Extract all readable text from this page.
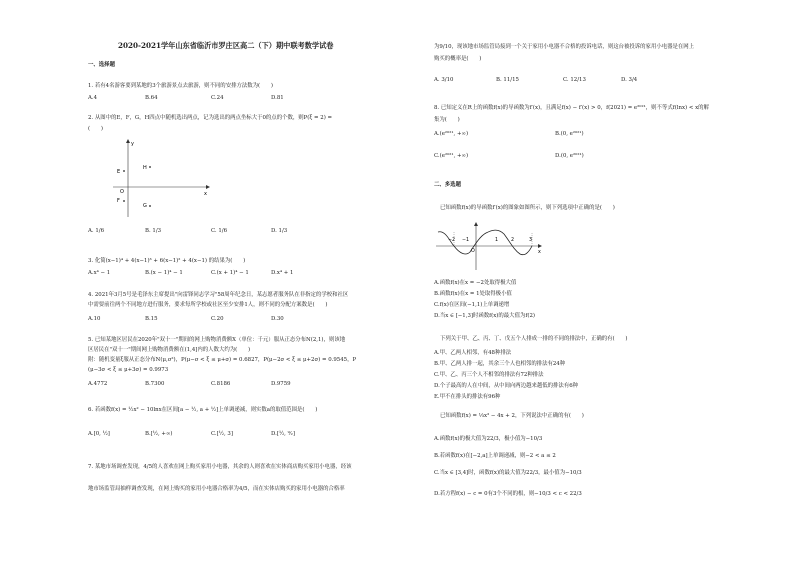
2020-2021学年山东省临沂市罗庄区高二（下）期中联考数学试卷
一、选择题
1. 若有4名游客要到某地的3个旅游景点去旅游，则不同的安排方法数为(　　)
A.4	B.64	C.24	D.81
2. 从图中的E，F，G，H四点中随机选出两点，记为选出的两点坐标大于0的点的个数，则P(ξ = 2) =
(　　)
y
x
O
E
H
F
G
A. 1/6	B. 1/3	C. 1/6	D. 1/3
3. 化简(x−1)⁴ + 4(x−1)³ + 6(x−1)² + 4(x−1) 的结果为(　　)
A.x⁴ − 1	B.(x − 1)⁴ − 1	C.(x + 1)⁴ − 1	D.x⁴ + 1
4. 2021年3月5号是毛泽东主席提出"向雷锋同志学习"58周年纪念日，某志愿者服务队在非指定的学校和社区
中需要前往两个不同地方进行服务，要求每所学校或社区至少安排1人，则不同的分配方案数是(　　)
A.10	B.15	C.20	D.30
5. 已知某地区居民在2020年"双十一"期间的网上购物消费额X（单位：千元）服从正态分布N(2,1)，则该地
区居民在"双十一"期间网上购物消费额在(1,4]内的人数大约为(　　)
附：随机变量ξ服从正态分布N(μ,σ²)，P(μ−σ < ξ ≤ μ+σ) = 0.6827，P(μ−2σ < ξ ≤ μ+2σ) = 0.9545，P
(μ−3σ < ξ ≤ μ+3σ) = 0.9973
A.4772	B.7300	C.8186	D.9759
6. 若函数f(x) = ½x² − 10lnx在区间[a − ½, a + ½]上单调递减，则实数a的取值范围是(　　)
A.[0, ½]	B.[½, +∞)	C.[½, 3]	D.[½, ⁹⁄₂]
7. 某地市场调查发现，4/5的人喜欢在网上购买家用小电器，其余的人则喜欢在实体商店购买家用小电器，经该
地市场监管局抽样调查发现，在网上购买的家用小电器合格率为4/5，而在实体店购买的家用小电器的合格率
为9/10，现该地市场监管局接到一个关于家用小电器不合格的投诉电话，则这台被投诉的家用小电器是在网上
购买的概率是(　　)
A. 3/10	B. 11/15	C. 12/13	D. 3/4
8. 已知定义在R上的函数f(x)的导函数为f′(x)，且满足f(x) − f′(x) > 0，f(2021) = e²⁰²¹，则不等式f(lnx) < x的解
集为(　　)
A.(e²⁰²¹, +∞)	B.(0, e²⁰²¹)
C.(e²⁰²¹, +∞)	D.(0, e²⁰²¹)
二、多选题
已知函数f(x)的导函数f′(x)的图象如图所示，则下列选项中正确的是(　　)
−2 −1
O
1	2	3
x
A.函数f(x)在x = −2处取得极大值
B.函数f(x)在x = 1处取得极小值
C.f(x)在区间(−1,1)上单调递增
D.当x ∈ [−1,3]时函数f(x)的最大值为f(2)
下列关于甲、乙、丙、丁、戊五个人排成一排的不同的排法中，正确的有(　　)
A.甲、乙两人相邻，有48种排法
B.甲、乙两人排一起，其余三个人也相邻的排法有24种
C.甲、乙、丙三个人不相邻的排法有72种排法
D.个子最高的人在中间，从中间向两边越来越低的排法有6种
E.甲不在排头的排法有96种
已知函数f(x) = ⅓x³ − 4x + 2，下列说法中正确的有(　　)
A.函数f(x)的极大值为22/3，极小值为−10/3
B.若函数f(x)在[−2,a]上单调递减，则−2 < a ≤ 2
C.当x ∈ [3,4]时，函数f(x)的最大值为22/3，最小值为−10/3
D.若方程f(x) − c = 0有3个不同的根，则−10/3 < c < 22/3
